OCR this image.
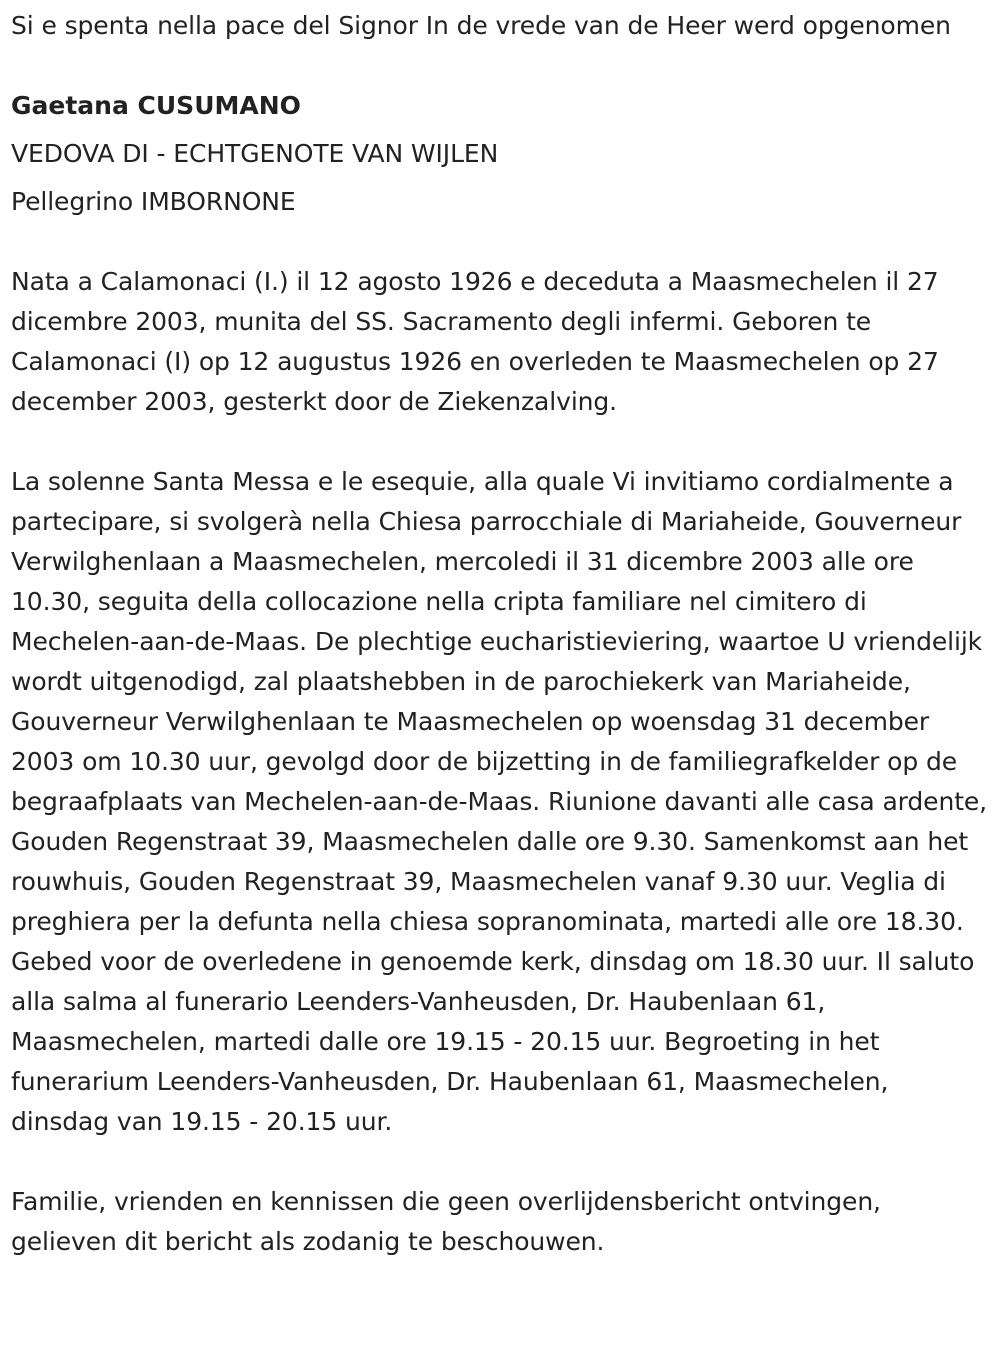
Si e spenta nella pace del Signor In de vrede van de Heer werd opgenomen

Gaetana CUSUMANO

VEDOVA DI - ECHTGENOTE VAN WIJLEN

Pellegrino IMBORNONE

Nata a Calamonaci (I.) il 12 agosto 1926 e deceduta a Maasmechelen il 27 dicembre 2003, munita del SS. Sacramento degli infermi. Geboren te Calamonaci (I) op 12 augustus 1926 en overleden te Maasmechelen op 27 december 2003, gesterkt door de Ziekenzalving.

La solenne Santa Messa e le esequie, alla quale Vi invitiamo cordialmente a partecipare, si svolgerà nella Chiesa parrocchiale di Mariaheide, Gouverneur Verwilghenlaan a Maasmechelen, mercoledi il 31 dicembre 2003 alle ore 10.30, seguita della collocazione nella cripta familiare nel cimitero di Mechelen-aan-de-Maas. De plechtige eucharistieviering, waartoe U vriendelijk wordt uitgenodigd, zal plaatshebben in de parochiekerk van Mariaheide, Gouverneur Verwilghenlaan te Maasmechelen op woensdag 31 december 2003 om 10.30 uur, gevolgd door de bijzetting in de familiegrafkelder op de begraafplaats van Mechelen-aan-de-Maas. Riunione davanti alle casa ardente, Gouden Regenstraat 39, Maasmechelen dalle ore 9.30. Samenkomst aan het rouwhuis, Gouden Regenstraat 39, Maasmechelen vanaf 9.30 uur. Veglia di preghiera per la defunta nella chiesa sopranominata, martedi alle ore 18.30. Gebed voor de overledene in genoemde kerk, dinsdag om 18.30 uur. Il saluto alla salma al funerario Leenders-Vanheusden, Dr. Haubenlaan 61, Maasmechelen, martedi dalle ore 19.15 - 20.15 uur. Begroeting in het funerarium Leenders-Vanheusden, Dr. Haubenlaan 61, Maasmechelen, dinsdag van 19.15 - 20.15 uur.

Familie, vrienden en kennissen die geen overlijdensbericht ontvingen, gelieven dit bericht als zodanig te beschouwen.
